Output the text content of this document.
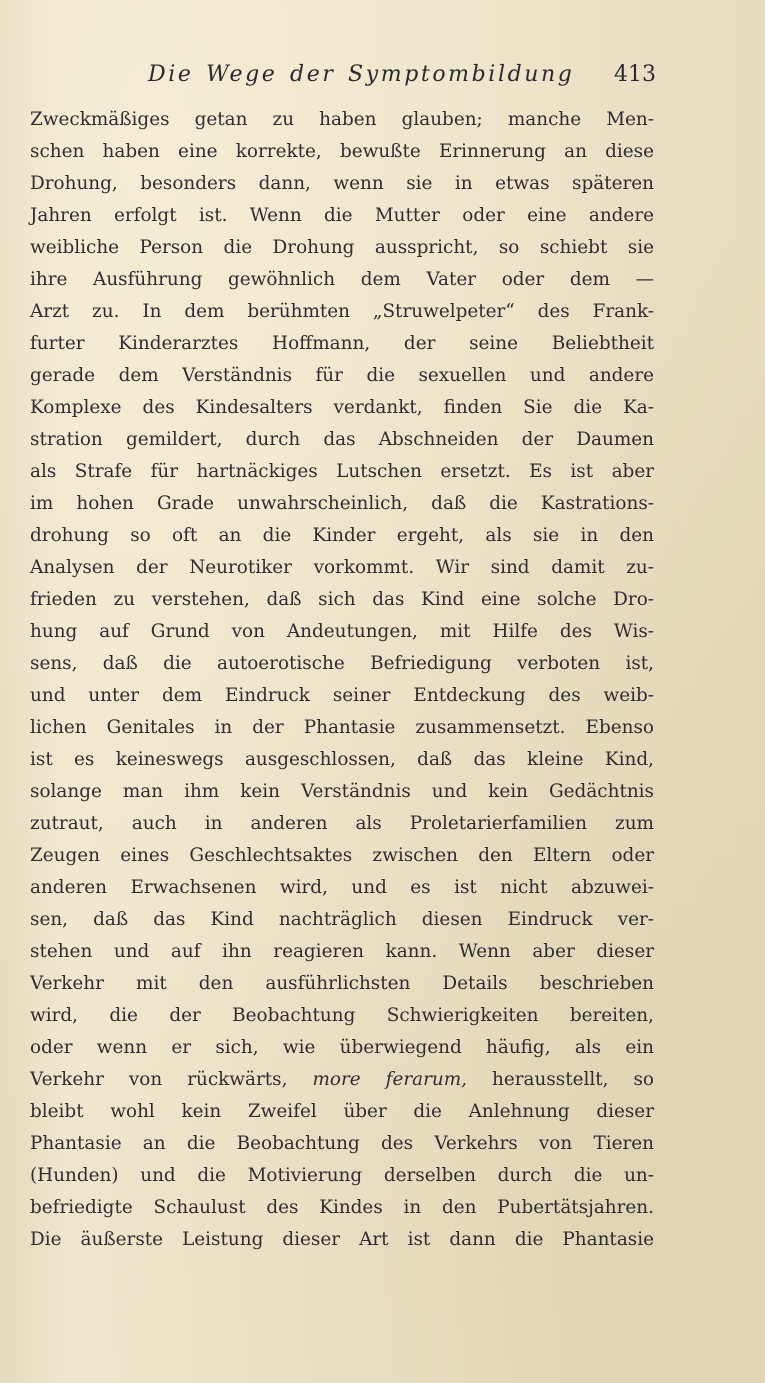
Die Wege der Symptombildung 413
Zweckmäßiges getan zu haben glauben; manche Men-
schen haben eine korrekte, bewußte Erinnerung an diese
Drohung, besonders dann, wenn sie in etwas späteren
Jahren erfolgt ist. Wenn die Mutter oder eine andere
weibliche Person die Drohung ausspricht, so schiebt sie
ihre Ausführung gewöhnlich dem Vater oder dem —
Arzt zu. In dem berühmten „Struwelpeter“ des Frank-
furter Kinderarztes Hoffmann, der seine Beliebtheit
gerade dem Verständnis für die sexuellen und andere
Komplexe des Kindesalters verdankt, finden Sie die Ka-
stration gemildert, durch das Abschneiden der Daumen
als Strafe für hartnäckiges Lutschen ersetzt. Es ist aber
im hohen Grade unwahrscheinlich, daß die Kastrations-
drohung so oft an die Kinder ergeht, als sie in den
Analysen der Neurotiker vorkommt. Wir sind damit zu-
frieden zu verstehen, daß sich das Kind eine solche Dro-
hung auf Grund von Andeutungen, mit Hilfe des Wis-
sens, daß die autoerotische Befriedigung verboten ist,
und unter dem Eindruck seiner Entdeckung des weib-
lichen Genitales in der Phantasie zusammensetzt. Ebenso
ist es keineswegs ausgeschlossen, daß das kleine Kind,
solange man ihm kein Verständnis und kein Gedächtnis
zutraut, auch in anderen als Proletarierfamilien zum
Zeugen eines Geschlechtsaktes zwischen den Eltern oder
anderen Erwachsenen wird, und es ist nicht abzuwei-
sen, daß das Kind nachträglich diesen Eindruck ver-
stehen und auf ihn reagieren kann. Wenn aber dieser
Verkehr mit den ausführlichsten Details beschrieben
wird, die der Beobachtung Schwierigkeiten bereiten,
oder wenn er sich, wie überwiegend häufig, als ein
Verkehr von rückwärts, more ferarum, herausstellt, so
bleibt wohl kein Zweifel über die Anlehnung dieser
Phantasie an die Beobachtung des Verkehrs von Tieren
(Hunden) und die Motivierung derselben durch die un-
befriedigte Schaulust des Kindes in den Pubertätsjahren.
Die äußerste Leistung dieser Art ist dann die Phantasie
